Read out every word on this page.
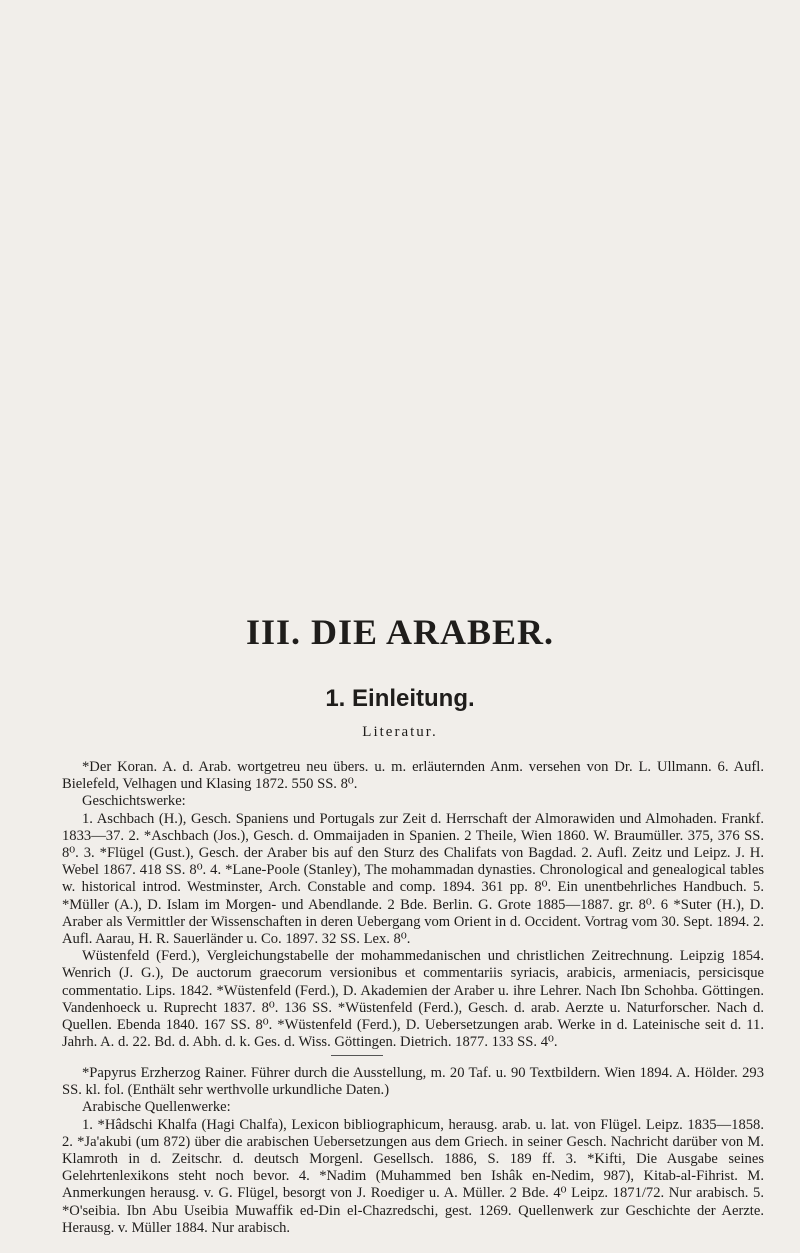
III. DIE ARABER.
1. Einleitung.
Literatur.

*Der Koran. A. d. Arab. wortgetreu neu übers. u. m. erläuternden Anm. versehen von Dr. L. Ullmann. 6. Aufl. Bielefeld, Velhagen und Klasing 1872. 550 SS. 8⁰.

Geschichtswerke:

1. Aschbach (H.), Gesch. Spaniens und Portugals zur Zeit d. Herrschaft der Almorawiden und Almohaden. Frankf. 1833—37. 2. *Aschbach (Jos.), Gesch. d. Ommaijaden in Spanien. 2 Theile, Wien 1860. W. Braumüller. 375, 376 SS. 8⁰. 3. *Flügel (Gust.), Gesch. der Araber bis auf den Sturz des Chalifats von Bagdad. 2. Aufl. Zeitz und Leipz. J. H. Webel 1867. 418 SS. 8⁰. 4. *Lane-Poole (Stanley), The mohammadan dynasties. Chronological and genealogical tables w. historical introd. Westminster, Arch. Constable and comp. 1894. 361 pp. 8⁰. Ein unentbehrliches Handbuch. 5. *Müller (A.), D. Islam im Morgen- und Abendlande. 2 Bde. Berlin. G. Grote 1885—1887. gr. 8⁰. 6 *Suter (H.), D. Araber als Vermittler der Wissenschaften in deren Uebergang vom Orient in d. Occident. Vortrag vom 30. Sept. 1894. 2. Aufl. Aarau, H. R. Sauerländer u. Co. 1897. 32 SS. Lex. 8⁰.

Wüstenfeld (Ferd.), Vergleichungstabelle der mohammedanischen und christlichen Zeitrechnung. Leipzig 1854. Wenrich (J. G.), De auctorum graecorum versionibus et commentariis syriacis, arabicis, armeniacis, persicisque commentatio. Lips. 1842. *Wüstenfeld (Ferd.), D. Akademien der Araber u. ihre Lehrer. Nach Ibn Schohba. Göttingen. Vandenhoeck u. Ruprecht 1837. 8⁰. 136 SS. *Wüstenfeld (Ferd.), Gesch. d. arab. Aerzte u. Naturforscher. Nach d. Quellen. Ebenda 1840. 167 SS. 8⁰. *Wüstenfeld (Ferd.), D. Uebersetzungen arab. Werke in d. Lateinische seit d. 11. Jahrh. A. d. 22. Bd. d. Abh. d. k. Ges. d. Wiss. Göttingen. Dietrich. 1877. 133 SS. 4⁰.

*Papyrus Erzherzog Rainer. Führer durch die Ausstellung, m. 20 Taf. u. 90 Textbildern. Wien 1894. A. Hölder. 293 SS. kl. fol. (Enthält sehr werthvolle urkundliche Daten.)

Arabische Quellenwerke:

1. *Hâdschi Khalfa (Hagi Chalfa), Lexicon bibliographicum, herausg. arab. u. lat. von Flügel. Leipz. 1835—1858. 2. *Ja'akubi (um 872) über die arabischen Uebersetzungen aus dem Griech. in seiner Gesch. Nachricht darüber von M. Klamroth in d. Zeitschr. d. deutsch Morgenl. Gesellsch. 1886, S. 189 ff. 3. *Kifti, Die Ausgabe seines Gelehrtenlexikons steht noch bevor. 4. *Nadim (Muhammed ben Ishâk en-Nedim, 987), Kitab-al-Fihrist. M. Anmerkungen herausg. v. G. Flügel, besorgt von J. Roediger u. A. Müller. 2 Bde. 4⁰ Leipz. 1871/72. Nur arabisch. 5. *O'seibia. Ibn Abu Useibia Muwaffik ed-Din el-Chazredschi, gest. 1269. Quellenwerk zur Geschichte der Aerzte. Herausg. v. Müller 1884. Nur arabisch.
